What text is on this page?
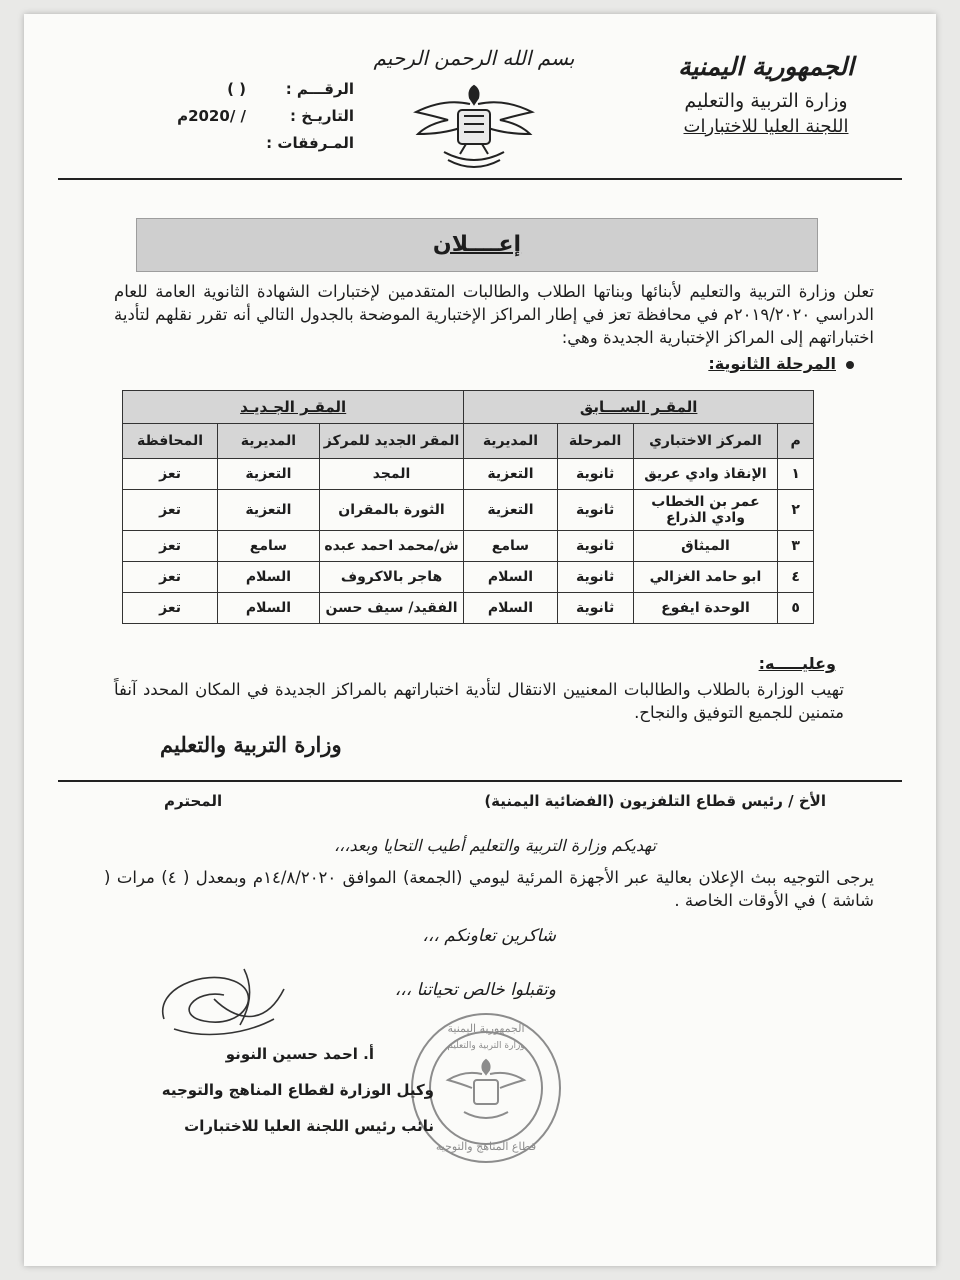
الجمهورية اليمنية
وزارة التربية والتعليم
اللجنة العليا للاختبارات
بسم الله الرحمن الرحيم
الرقـــم :
( )
التاريـخ :
/ /2020م
المـرفقات :
إعــــلان
تعلن وزارة التربية والتعليم لأبنائها وبناتها الطلاب والطالبات المتقدمين لإختبارات الشهادة الثانوية العامة للعام الدراسي ٢٠١٩/٢٠٢٠م في محافظة تعز في إطار المراكز الإختبارية الموضحة بالجدول التالي أنه تقرر نقلهم لتأدية اختباراتهم إلى المراكز الإختبارية الجديدة وهي:
المرحلة الثانوية:
المقـر الســـابق				المقـر الجـديـد		
م	المركز الاختباري	المرحلة	المديرية	المقر الجديد للمركز	المديرية	المحافظة
١	الإنقاذ وادي عريق	ثانوية	التعزية	المجد	التعزية	تعز
٢	عمر بن الخطاب وادي الذراع	ثانوية	التعزية	الثورة بالمقران	التعزية	تعز
٣	الميثاق	ثانوية	سامع	ش/محمد احمد عبده	سامع	تعز
٤	ابو حامد الغزالي	ثانوية	السلام	هاجر بالاكروف	السلام	تعز
٥	الوحدة ايفوع	ثانوية	السلام	الفقيد/ سيف حسن	السلام	تعز
وعليـــــه:
تهيب الوزارة بالطلاب والطالبات المعنيين الانتقال لتأدية اختباراتهم بالمراكز الجديدة في المكان المحدد آنفاً متمنين للجميع التوفيق والنجاح.
وزارة التربية والتعليم
الأخ / رئيس قطاع التلفزيون (الفضائية اليمنية)
المحترم
تهديكم وزارة التربية والتعليم أطيب التحايا وبعد،،،
يرجى التوجيه ببث الإعلان بعالية عبر الأجهزة المرئية ليومي (الجمعة) الموافق ١٤/٨/٢٠٢٠م وبمعدل ( ٤) مرات ( شاشة ) في الأوقات الخاصة .
شاكرين تعاونكم ،،،
وتقبلوا خالص تحياتنا ،،،
الجمهورية اليمنية
وزارة التربية والتعليم
قطاع المناهج والتوجيه
أ. احمد حسين النونو
وكيل الوزارة لقطاع المناهج والتوجيه
نائب رئيس اللجنة العليا للاختبارات
